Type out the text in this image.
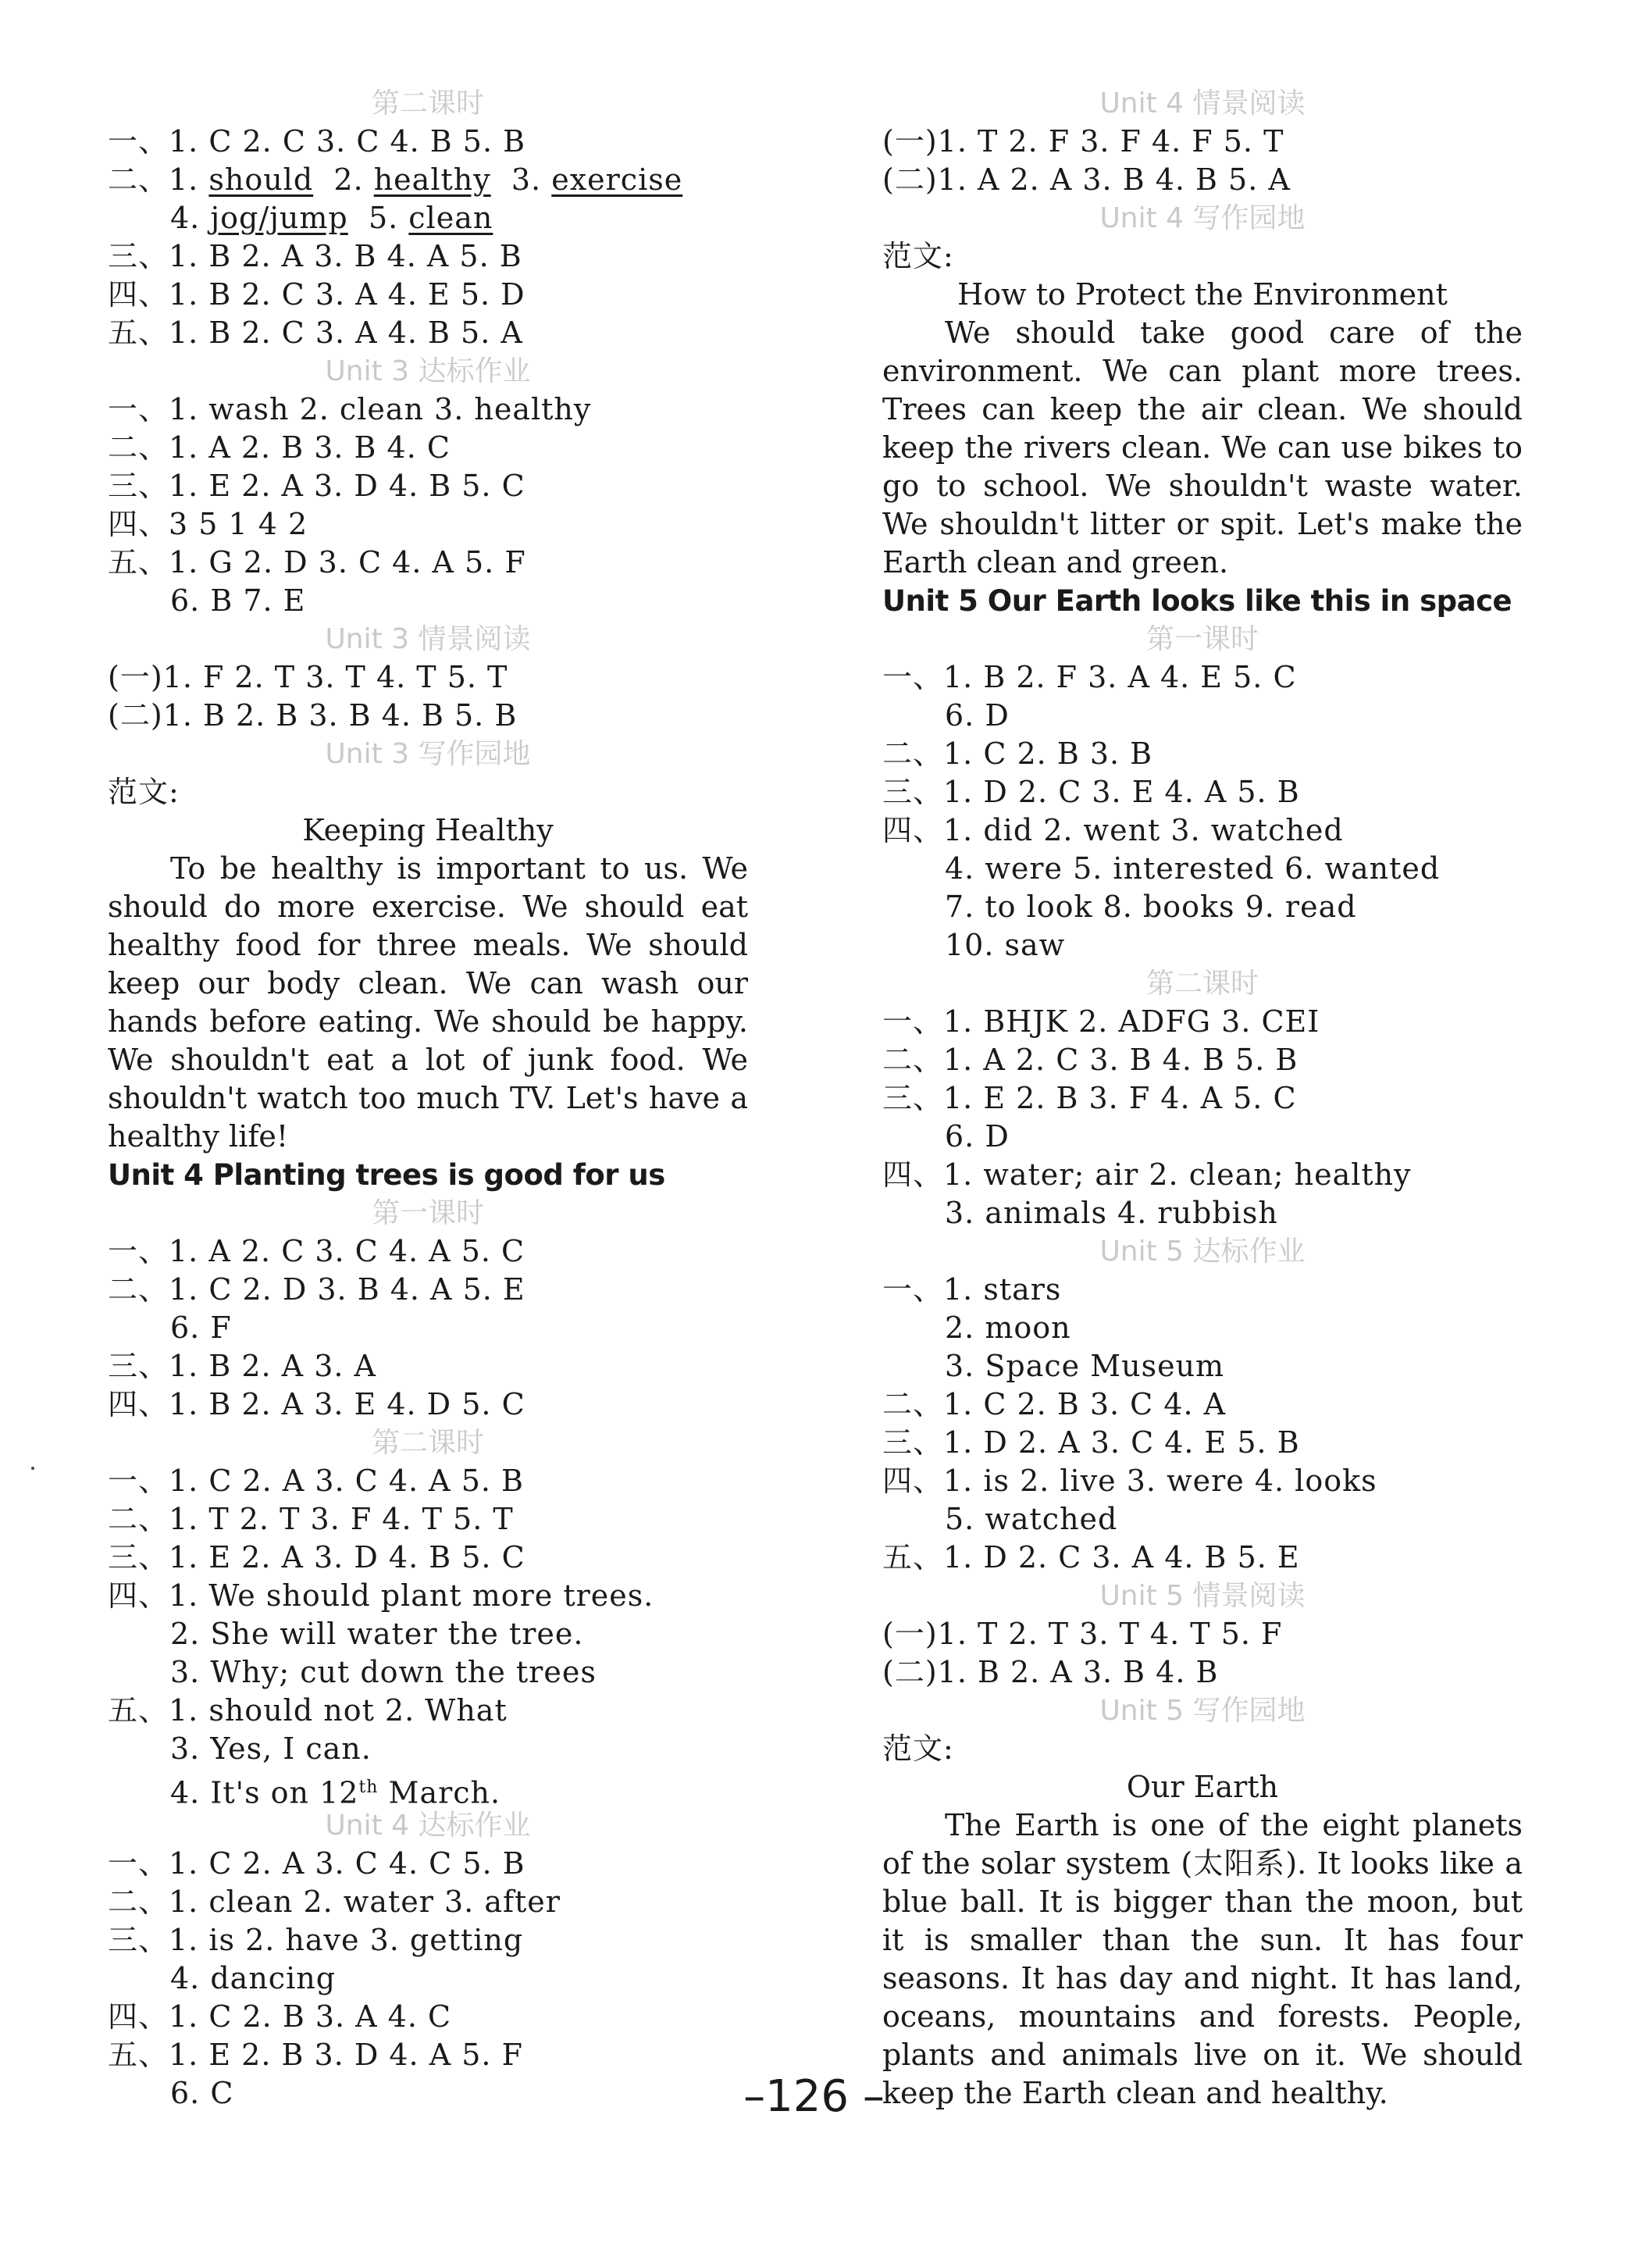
第二课时
一、1. C 2. C 3. C 4. B 5. B
二、1. should 2. healthy 3. exercise
4. jog/jump 5. clean
三、1. B 2. A 3. B 4. A 5. B
四、1. B 2. C 3. A 4. E 5. D
五、1. B 2. C 3. A 4. B 5. A
Unit 3 达标作业
一、1. wash 2. clean 3. healthy
二、1. A 2. B 3. B 4. C
三、1. E 2. A 3. D 4. B 5. C
四、3 5 1 4 2
五、1. G 2. D 3. C 4. A 5. F
6. B 7. E
Unit 3 情景阅读
(一)1. F 2. T 3. T 4. T 5. T
(二)1. B 2. B 3. B 4. B 5. B
Unit 3 写作园地
范文:
Keeping Healthy
To be healthy is important to us. We should do more exercise. We should eat healthy food for three meals. We should keep our body clean. We can wash our hands before eating. We should be happy. We shouldn't eat a lot of junk food. We shouldn't watch too much TV. Let's have a healthy life!
Unit 4 Planting trees is good for us
第一课时
一、1. A 2. C 3. C 4. A 5. C
二、1. C 2. D 3. B 4. A 5. E
6. F
三、1. B 2. A 3. A
四、1. B 2. A 3. E 4. D 5. C
第二课时
一、1. C 2. A 3. C 4. A 5. B
二、1. T 2. T 3. F 4. T 5. T
三、1. E 2. A 3. D 4. B 5. C
四、1. We should plant more trees.
2. She will water the tree.
3. Why; cut down the trees
五、1. should not 2. What
3. Yes, I can.
4. It's on 12th March.
Unit 4 达标作业
一、1. C 2. A 3. C 4. C 5. B
二、1. clean 2. water 3. after
三、1. is 2. have 3. getting
4. dancing
四、1. C 2. B 3. A 4. C
五、1. E 2. B 3. D 4. A 5. F
6. C
Unit 4 情景阅读
(一)1. T 2. F 3. F 4. F 5. T
(二)1. A 2. A 3. B 4. B 5. A
Unit 4 写作园地
范文:
How to Protect the Environment
We should take good care of the environment. We can plant more trees. Trees can keep the air clean. We should keep the rivers clean. We can use bikes to go to school. We shouldn't waste water. We shouldn't litter or spit. Let's make the Earth clean and green.
Unit 5 Our Earth looks like this in space
第一课时
一、1. B 2. F 3. A 4. E 5. C
6. D
二、1. C 2. B 3. B
三、1. D 2. C 3. E 4. A 5. B
四、1. did 2. went 3. watched
4. were 5. interested 6. wanted
7. to look 8. books 9. read
10. saw
第二课时
一、1. BHJK 2. ADFG 3. CEI
二、1. A 2. C 3. B 4. B 5. B
三、1. E 2. B 3. F 4. A 5. C
6. D
四、1. water; air 2. clean; healthy
3. animals 4. rubbish
Unit 5 达标作业
一、1. stars
2. moon
3. Space Museum
二、1. C 2. B 3. C 4. A
三、1. D 2. A 3. C 4. E 5. B
四、1. is 2. live 3. were 4. looks
5. watched
五、1. D 2. C 3. A 4. B 5. E
Unit 5 情景阅读
(一)1. T 2. T 3. T 4. T 5. F
(二)1. B 2. A 3. B 4. B
Unit 5 写作园地
范文:
Our Earth
The Earth is one of the eight planets of the solar system (太阳系). It looks like a blue ball. It is bigger than the moon, but it is smaller than the sun. It has four seasons. It has day and night. It has land, oceans, mountains and forests. People, plants and animals live on it. We should keep the Earth clean and healthy.
–126 –
